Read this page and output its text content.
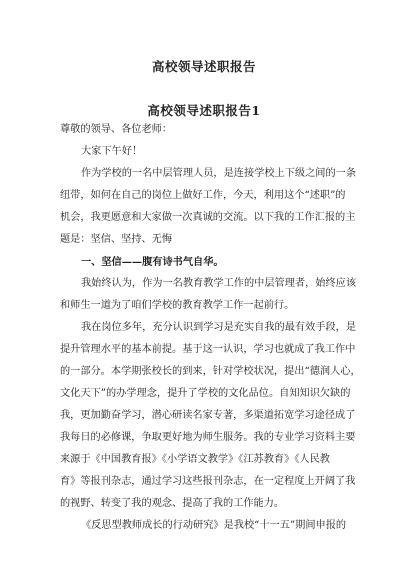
高校领导述职报告
高校领导述职报告1
尊敬的领导、各位老师：
大家下午好！
作为学校的一名中层管理人员，是连接学校上下级之间的一条
纽带，如何在自己的岗位上做好工作，今天，利用这个“述职”的
机会，我更愿意和大家做一次真诚的交流。以下我的工作汇报的主
题是：坚信、坚持、无悔
一、坚信——腹有诗书气自华。
我始终认为，作为一名教育教学工作的中层管理者，始终应该
和师生一道为了咱们学校的教育教学工作一起前行。
我在岗位多年，充分认识到学习是充实自我的最有效手段，是
提升管理水平的基本前提。基于这一认识，学习也就成了我工作中
的一部分。本学期张校长的到来，针对学校状况，提出“德润人心，
文化天下”的办学理念，提升了学校的文化品位。自知知识欠缺的
我，更加勤奋学习，潜心研读名家专著，多渠道拓宽学习途径成了
我每日的必修课，争取更好地为师生服务。我的专业学习资料主要
来源于《中国教育报》《小学语文教学》《江苏教育》《人民教
育》等报刊杂志，通过学习这些报刊杂志，在一定程度上开阔了我
的视野、转变了我的观念、提高了我的工作能力。
《反思型教师成长的行动研究》是我校“十一五”期间申报的
